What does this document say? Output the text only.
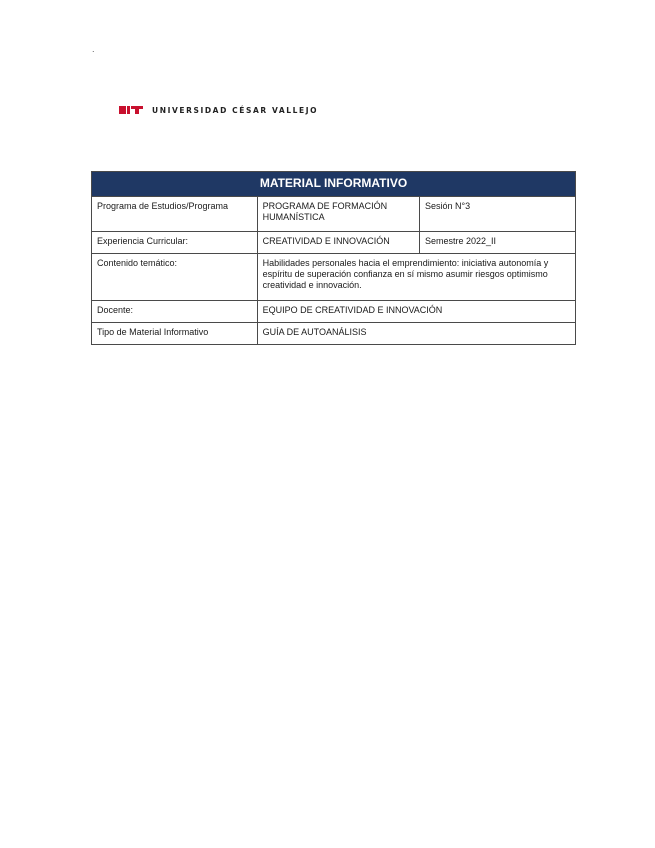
.
UNIVERSIDAD CÉSAR VALLEJO
MATERIAL INFORMATIVO		
Programa de Estudios/Programa	PROGRAMA DE FORMACIÓN HUMANÍSTICA	Sesión N°3
Experiencia Curricular:	CREATIVIDAD E INNOVACIÓN	Semestre 2022_II
Contenido temático:	Habilidades personales hacia el emprendimiento: iniciativa autonomía y espíritu de superación confianza en sí mismo asumir riesgos optimismo creatividad e innovación.	
Docente:	EQUIPO DE CREATIVIDAD E INNOVACIÓN	
Tipo de Material Informativo	GUÍA DE AUTOANÁLISIS	
